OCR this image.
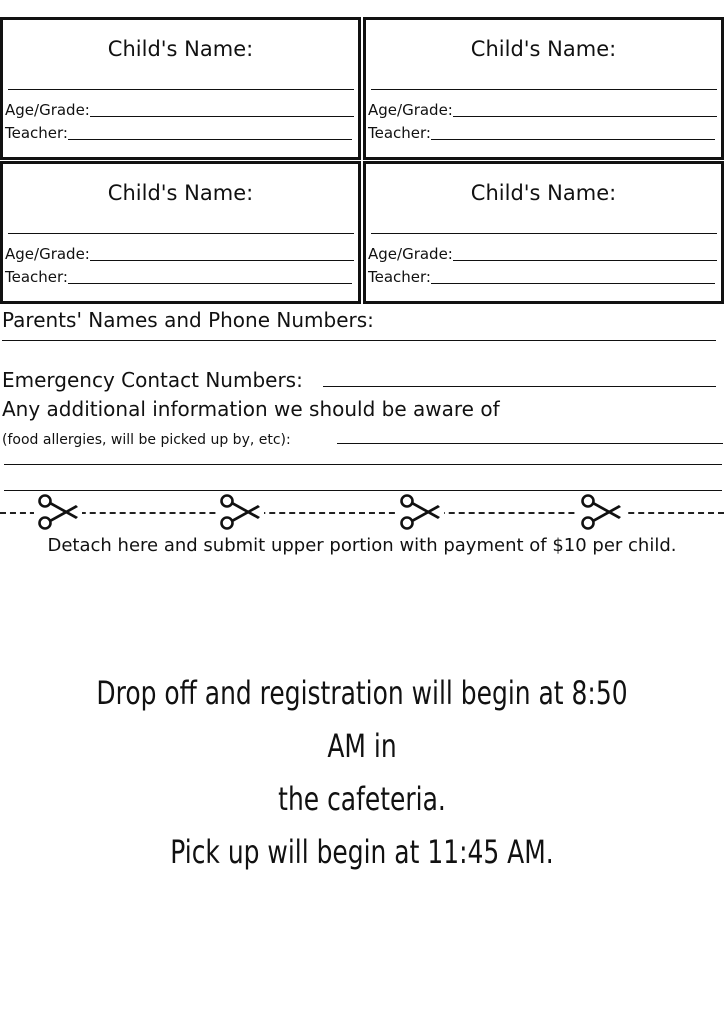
Child's Name:
Age/Grade:
Teacher:
Child's Name:
Age/Grade:
Teacher:
Child's Name:
Age/Grade:
Teacher:
Child's Name:
Age/Grade:
Teacher:
Parents' Names and Phone Numbers:
Emergency Contact Numbers:
Any additional information we should be aware of
(food allergies, will be picked up by, etc):
Detach here and submit upper portion with payment of $10 per child.
Drop off and registration will begin at 8:50 AM in
the cafeteria.
Pick up will begin at 11:45 AM.
